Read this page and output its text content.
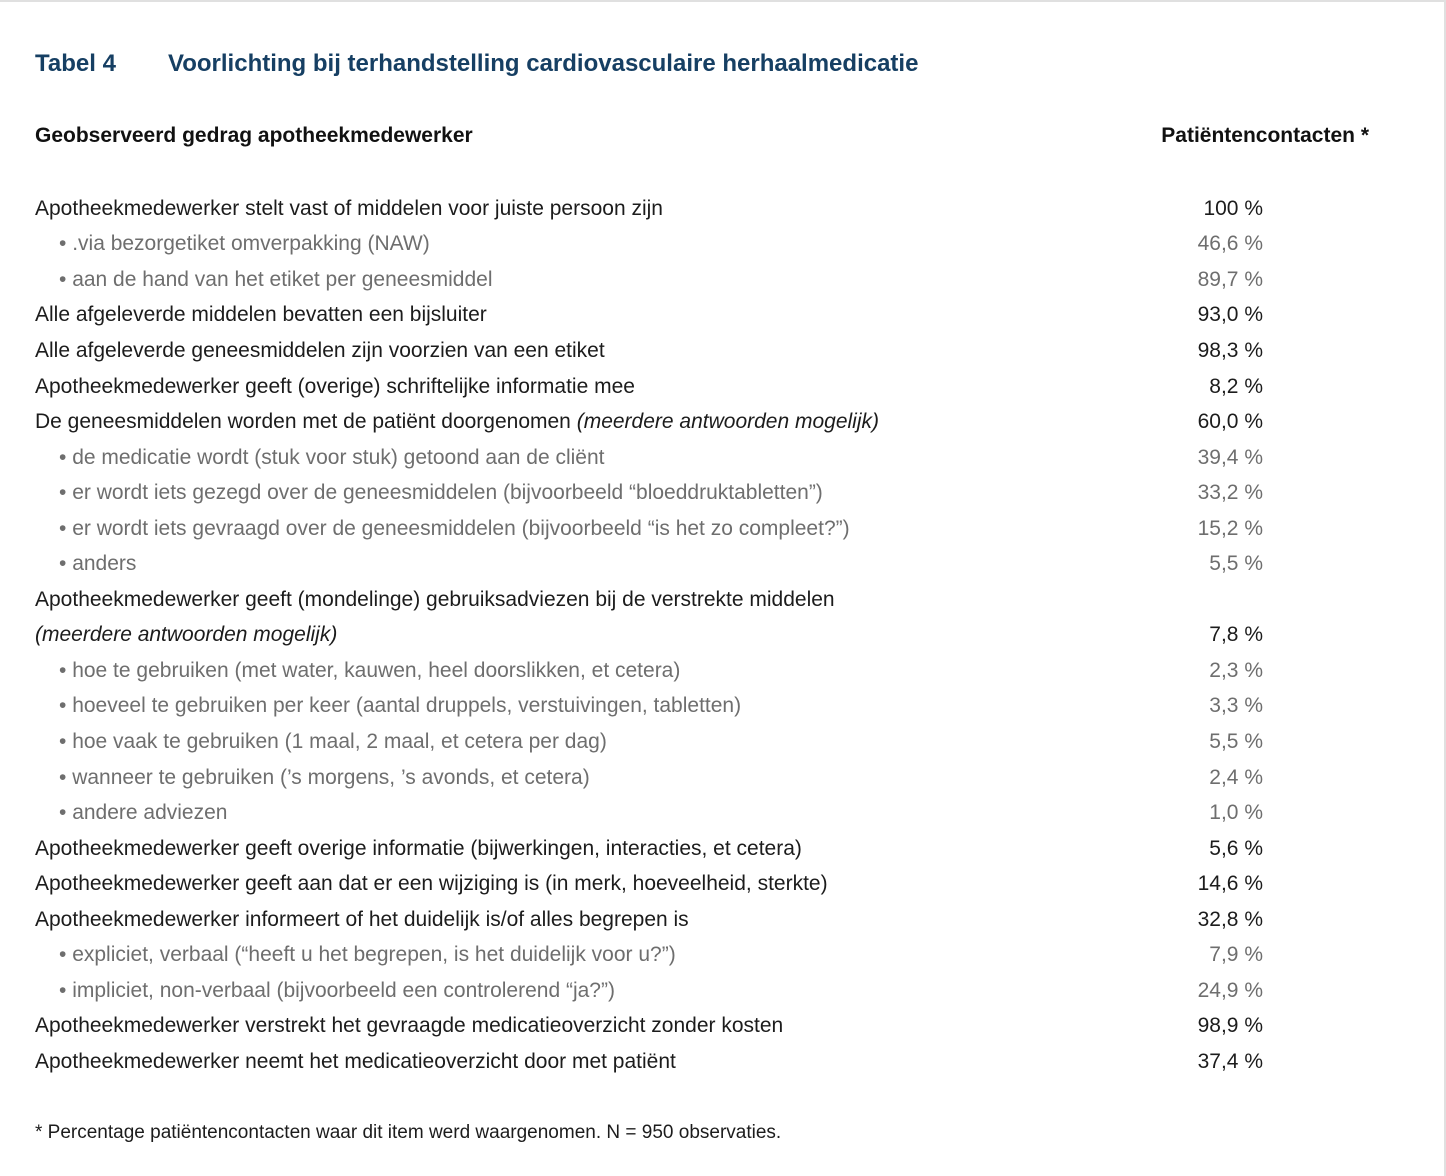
Tabel 4 Voorlichting bij terhandstelling cardiovasculaire herhaalmedicatie
Geobserveerd gedrag apotheekmedewerker	Patiëntencontacten *
Apotheekmedewerker stelt vast of middelen voor juiste persoon zijn	100 %
• .via bezorgetiket omverpakking (NAW)	46,6 %
• aan de hand van het etiket per geneesmiddel	89,7 %
Alle afgeleverde middelen bevatten een bijsluiter	93,0 %
Alle afgeleverde geneesmiddelen zijn voorzien van een etiket	98,3 %
Apotheekmedewerker geeft (overige) schriftelijke informatie mee	8,2 %
De geneesmiddelen worden met de patiënt doorgenomen (meerdere antwoorden mogelijk)	60,0 %
• de medicatie wordt (stuk voor stuk) getoond aan de cliënt	39,4 %
• er wordt iets gezegd over de geneesmiddelen (bijvoorbeeld “bloeddruktabletten”)	33,2 %
• er wordt iets gevraagd over de geneesmiddelen (bijvoorbeeld “is het zo compleet?”)	15,2 %
• anders	5,5 %
Apotheekmedewerker geeft (mondelinge) gebruiksadviezen bij de verstrekte middelen
(meerdere antwoorden mogelijk)	7,8 %
• hoe te gebruiken (met water, kauwen, heel doorslikken, et cetera)	2,3 %
• hoeveel te gebruiken per keer (aantal druppels, verstuivingen, tabletten)	3,3 %
• hoe vaak te gebruiken (1 maal, 2 maal, et cetera per dag)	5,5 %
• wanneer te gebruiken (’s morgens, ’s avonds, et cetera)	2,4 %
• andere adviezen	1,0 %
Apotheekmedewerker geeft overige informatie (bijwerkingen, interacties, et cetera)	5,6 %
Apotheekmedewerker geeft aan dat er een wijziging is (in merk, hoeveelheid, sterkte)	14,6 %
Apotheekmedewerker informeert of het duidelijk is/of alles begrepen is	32,8 %
• expliciet, verbaal (“heeft u het begrepen, is het duidelijk voor u?”)	7,9 %
• impliciet, non-verbaal (bijvoorbeeld een controlerend “ja?”)	24,9 %
Apotheekmedewerker verstrekt het gevraagde medicatieoverzicht zonder kosten	98,9 %
Apotheekmedewerker neemt het medicatieoverzicht door met patiënt	37,4 %
* Percentage patiëntencontacten waar dit item werd waargenomen. N = 950 observaties.
